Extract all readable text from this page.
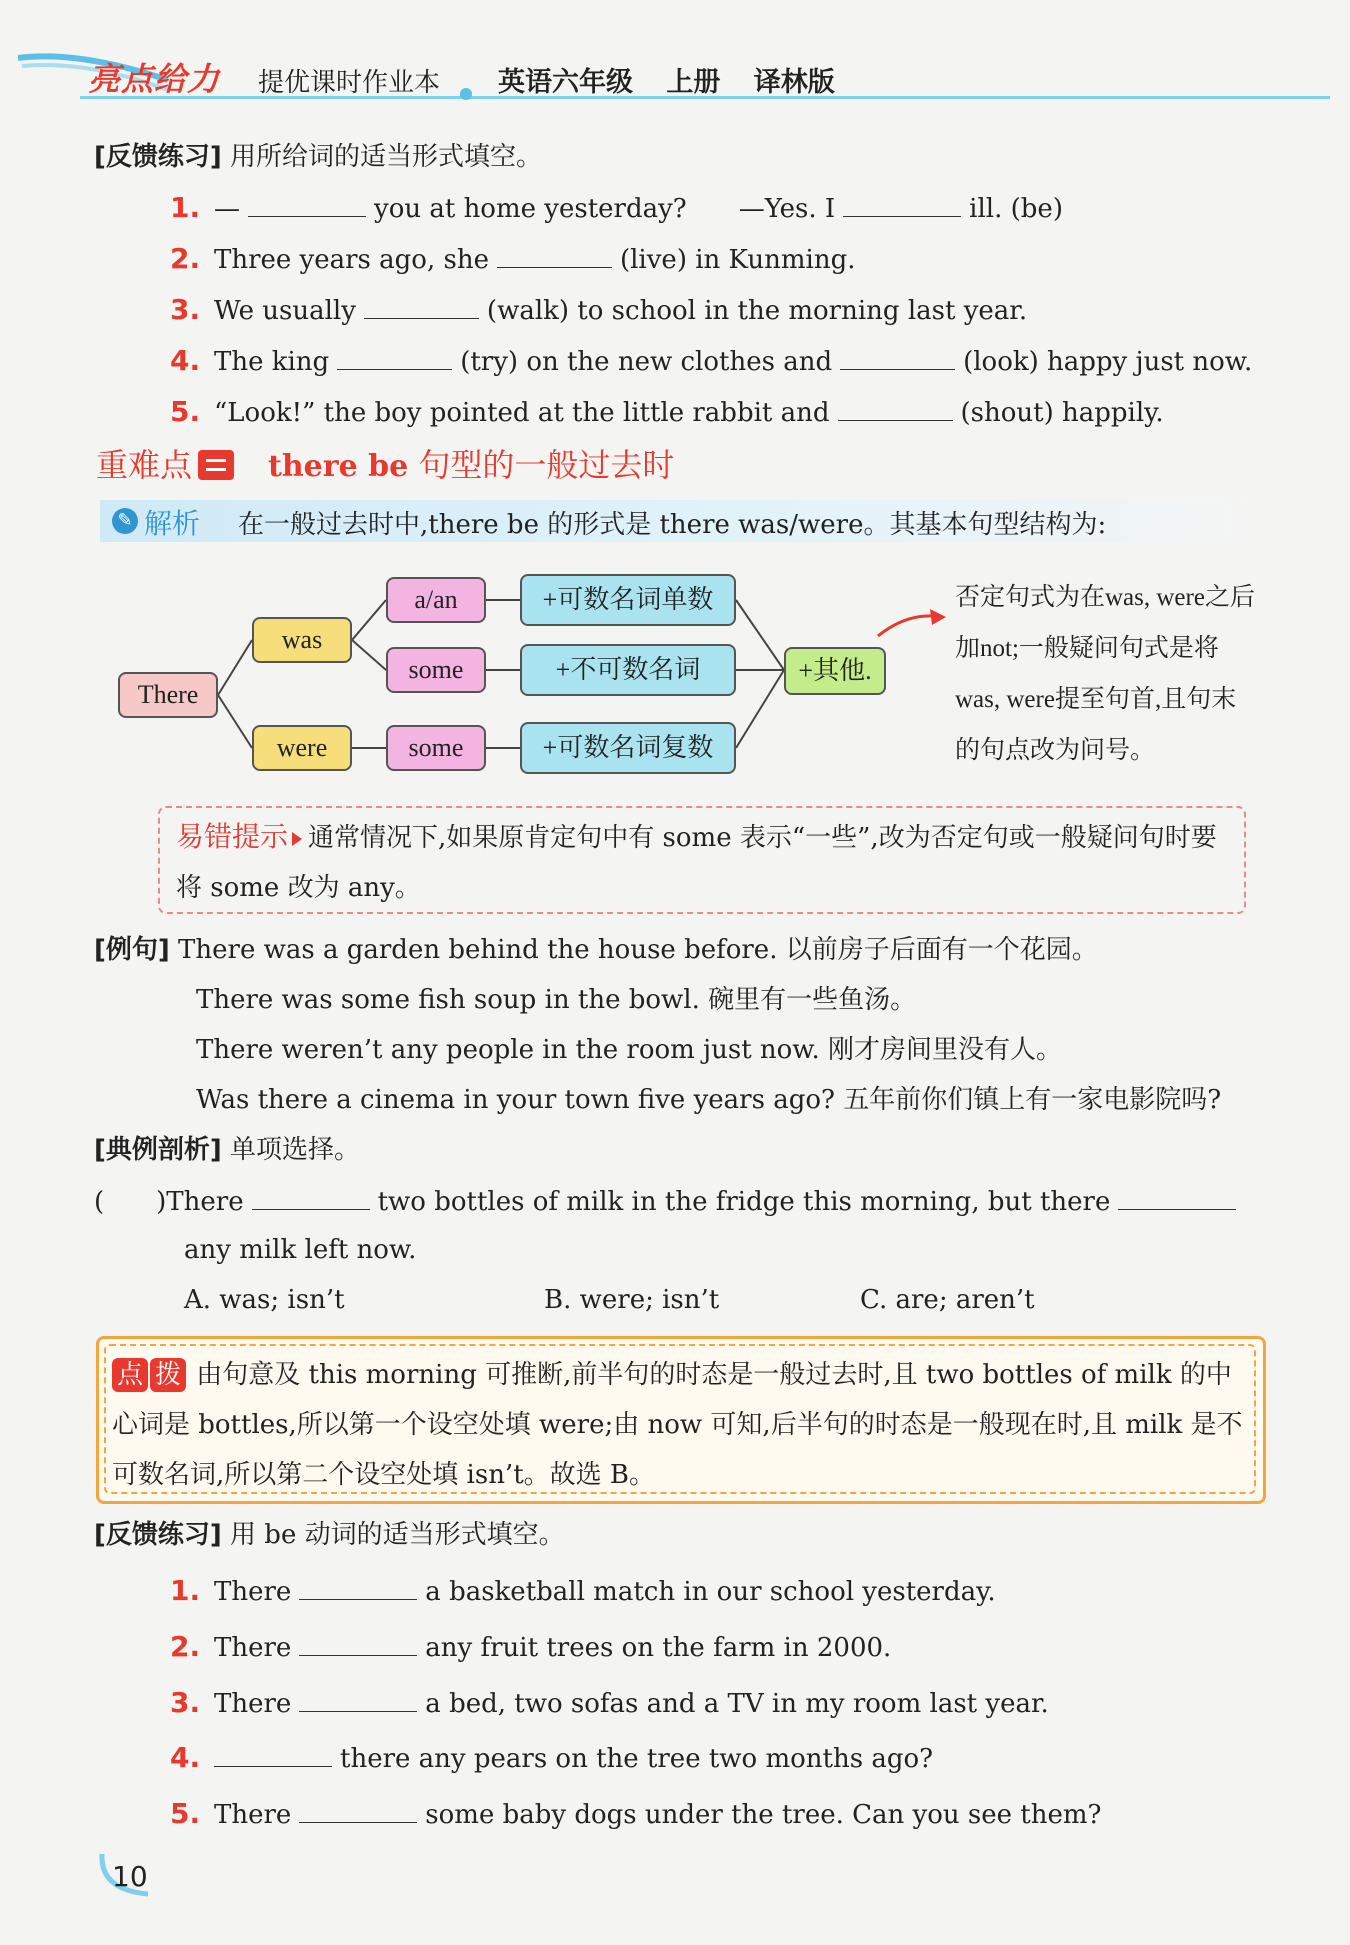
亮点给力 提优课时作业本 英语六年级 上册 译林版
[反馈练习] 用所给词的适当形式填空。
1. —	you at home yesterday?　　—Yes. I	ill. (be)
2. Three years ago, she	(live) in Kunming.
3. We usually	(walk) to school in the morning last year.
4. The king	(try) on the new clothes and	(look) happy just now.
5. “Look!” the boy pointed at the little rabbit and	(shout) happily.
重难点	there be 句型的一般过去时
✎ 解析 在一般过去时中,there be 的形式是 there was/were。其基本句型结构为:
There
was
were
a/an
some
some
+可数名词单数
+不可数名词
+可数名词复数
+其他.
否定句式为在was, were之后加not;一般疑问句式是将was, were提至句首,且句末的句点改为问号。
易错提示 通常情况下,如果原肯定句中有 some 表示“一些”,改为否定句或一般疑问句时要将 some 改为 any。
[例句] There was a garden behind the house before. 以前房子后面有一个花园。
There was some fish soup in the bowl. 碗里有一些鱼汤。
There weren’t any people in the room just now. 刚才房间里没有人。
Was there a cinema in your town five years ago? 五年前你们镇上有一家电影院吗?
[典例剖析] 单项选择。
(　　)There	two bottles of milk in the fridge this morning, but there
any milk left now.
A. was; isn’t	B. were; isn’t	C. are; aren’t
点 拨 由句意及 this morning 可推断,前半句的时态是一般过去时,且 two bottles of milk 的中心词是 bottles,所以第一个设空处填 were;由 now 可知,后半句的时态是一般现在时,且 milk 是不可数名词,所以第二个设空处填 isn’t。故选 B。
[反馈练习] 用 be 动词的适当形式填空。
1. There	a basketball match in our school yesterday.
2. There	any fruit trees on the farm in 2000.
3. There	a bed, two sofas and a TV in my room last year.
4.	there any pears on the tree two months ago?
5. There	some baby dogs under the tree. Can you see them?
10
